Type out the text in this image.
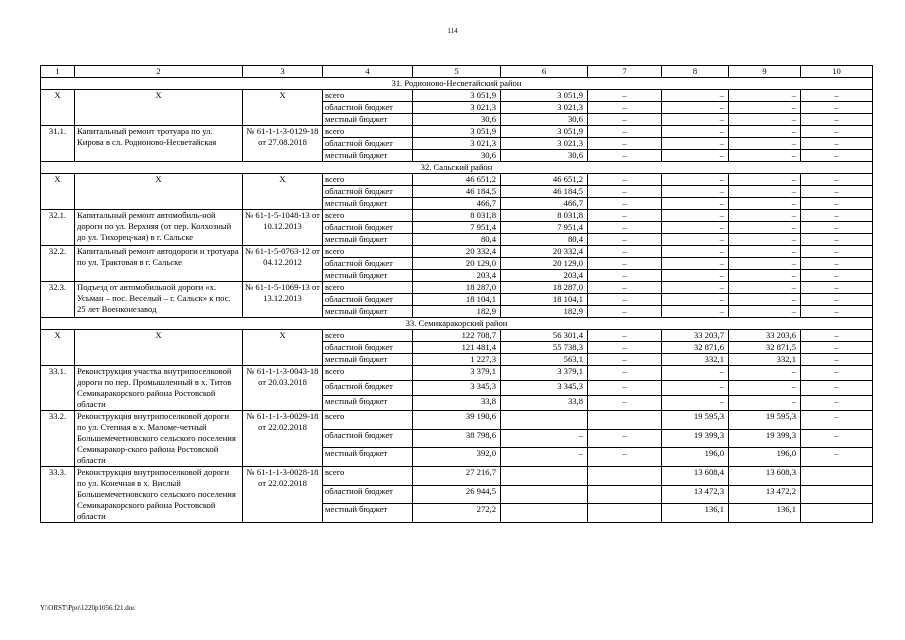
114
1	2	3	4	5	6	7	8	9	10
31. Родионово-Несветайский район									
X	X	X	всего	3 051,9	3 051,9	–	–	–	–
			областной бюджет	3 021,3	3 021,3	–	–	–	–
			местный бюджет	30,6	30,6	–	–	–	–
31.1.	Капитальный ремонт тротуара по ул. Кирова в сл. Родионово-Несветайская	№ 61-1-1-3-0129-18 от 27.08.2018	всего	3 051,9	3 051,9	–	–	–	–
			областной бюджет	3 021,3	3 021,3	–	–	–	–
			местный бюджет	30,6	30,6	–	–	–	–
32. Сальский район									
X	X	X	всего	46 651,2	46 651,2	–	–	–	–
			областной бюджет	46 184,5	46 184,5	–	–	–	–
			местный бюджет	466,7	466,7	–	–	–	–
32.1.	Капитальный ремонт автомобиль-ной дороги по ул. Верхняя (от пер. Колхозный до ул. Тихорец-кая) в г. Сальске	№ 61-1-5-1048-13 от 10.12.2013	всего	8 031,8	8 031,8	–	–	–	–
			областной бюджет	7 951,4	7 951,4	–	–	–	–
			местный бюджет	80,4	80,4	–	–	–	–
32.2.	Капитальный ремонт автодороги и тротуара по ул. Трактовая в г. Сальске	№ 61-1-5-0763-12 от 04.12.2012	всего	20 332,4	20 332,4	–	–	–	–
			областной бюджет	20 129,0	20 129,0	–	–	–	–
			местный бюджет	203,4	203,4	–	–	–	–
32.3.	Подъезд от автомобильной дороги «х. Усьман – пос. Веселый – г. Сальск» к пос. 25 лет Военконезавод	№ 61-1-5-1069-13 от 13.12.2013	всего	18 287,0	18 287,0	–	–	–	–
			областной бюджет	18 104,1	18 104,1	–	–	–	–
			местный бюджет	182,9	182,9	–	–	–	–
33. Семикаракорский район									
X	X	X	всего	122 708,7	56 301,4	–	33 203,7	33 203,6	–
			областной бюджет	121 481,4	55 738,3	–	32 871,6	32 871,5	–
			местный бюджет	1 227,3	563,1	–	332,1	332,1	–
33.1.	Реконструкция участка внутрипоселковой дороги по пер. Промышленный в х. Титов Семикаракорского района Ростовской области	№ 61-1-1-3-0043-18 от 20.03.2018	всего	3 379,1	3 379,1	–	–	–	–
			областной бюджет	3 345,3	3 345,3	–	–	–	–
			местный бюджет	33,8	33,8	–	–	–	–
33.2.	Реконструкция внутрипоселковой дороги по ул. Степная в х. Маломе-четный Большемечетновского сельского поселения Семикаракор-ского района Ростовской области	№ 61-1-1-3-0029-18 от 22.02.2018	всего	39 190,6			19 595,3	19 595,3	–
			областной бюджет	38 798,6	–	–	19 399,3	19 399,3	–
			местный бюджет	392,0	–	–	196,0	196,0	–
33.3.	Реконструкция внутрипоселковой дороги по ул. Конечная в х. Вислый Большемечетновского сельского поселения Семикаракорского района Ростовской области	№ 61-1-1-3-0028-18 от 22.02.2018	всего	27 216,7			13 608,4	13 608,3	
			областной бюджет	26 944,5			13 472,3	13 472,2	
			местный бюджет	272,2			136,1	136,1	
Y:\ORST\Ppo\1220p1056.f21.doc
